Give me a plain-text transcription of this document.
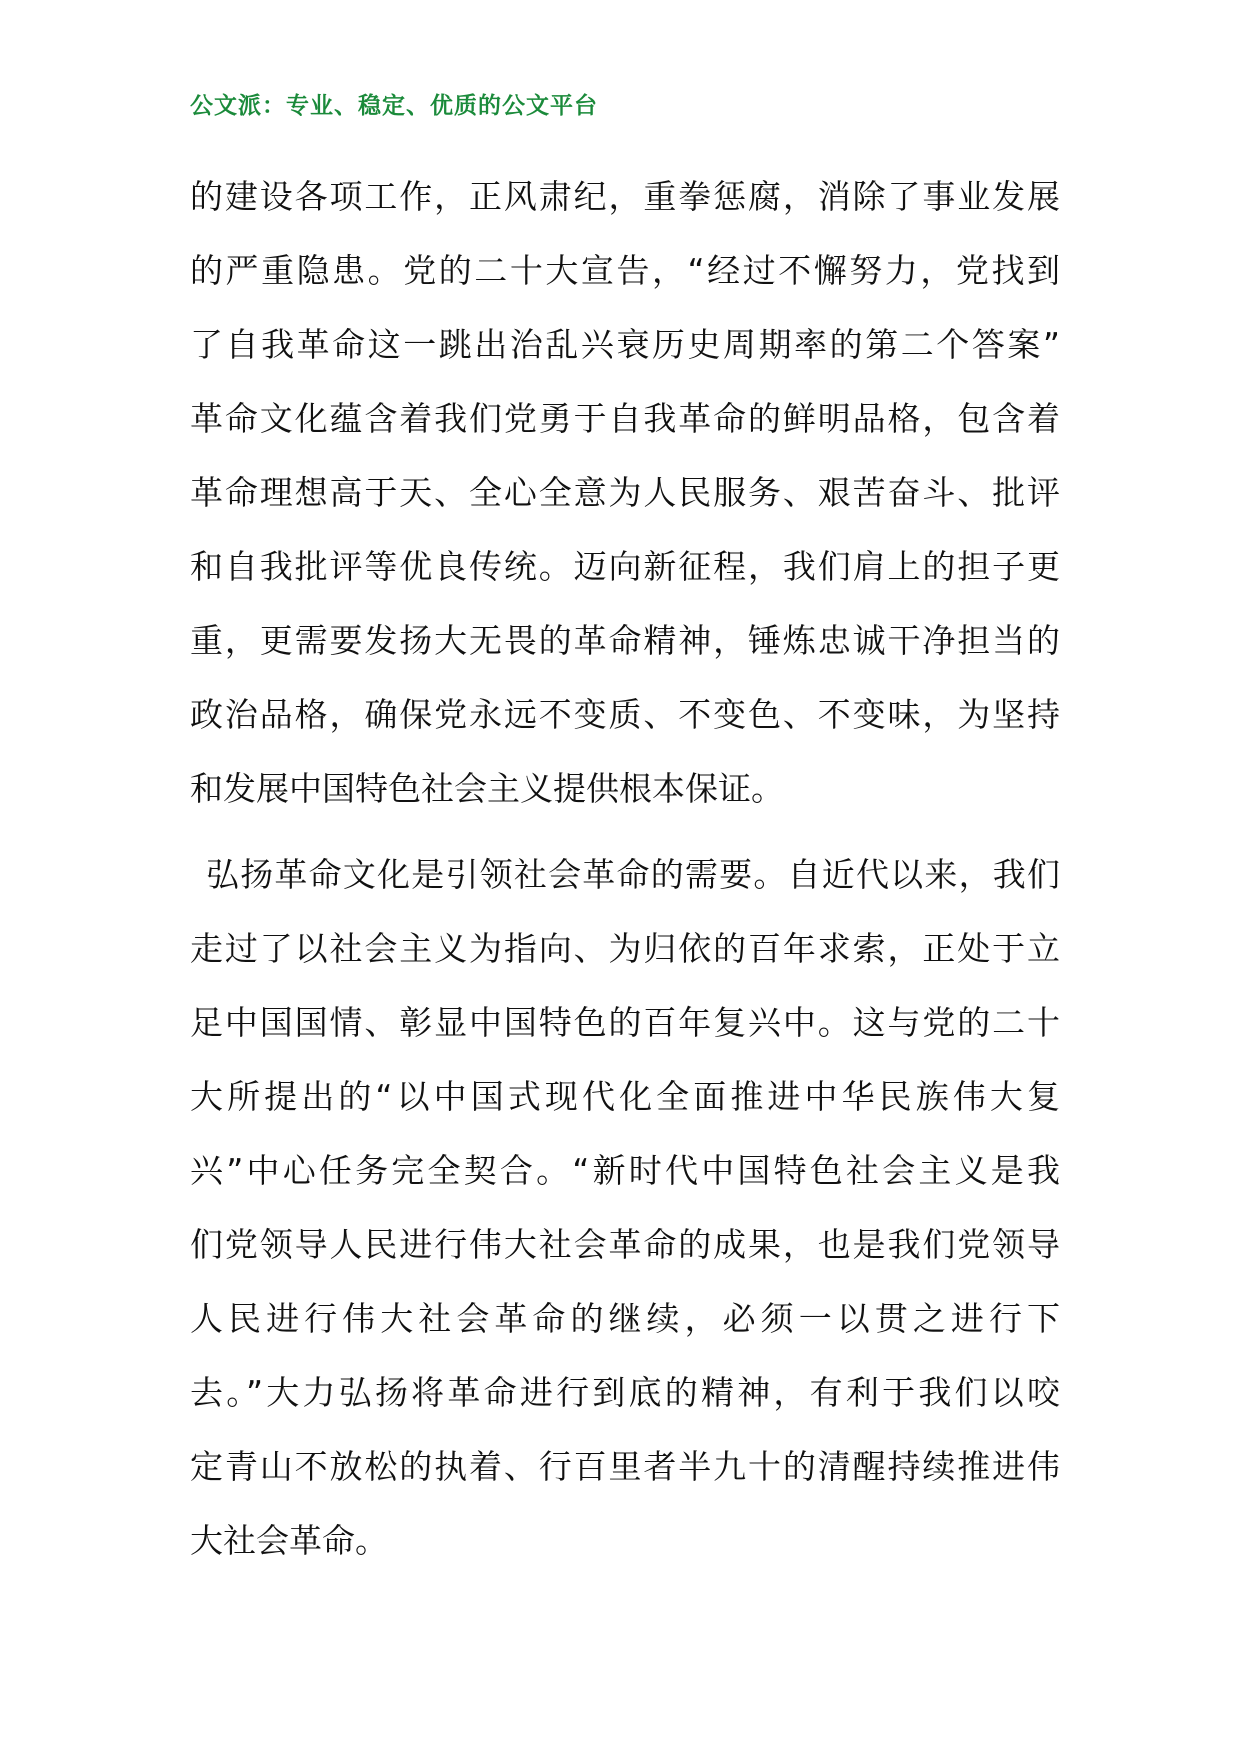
公文派：专业、稳定、优质的公文平台
的建设各项工作，正风肃纪，重拳惩腐，消除了事业发展
的严重隐患。党的二十大宣告，“经过不懈努力，党找到
了自我革命这一跳出治乱兴衰历史周期率的第二个答案”
革命文化蕴含着我们党勇于自我革命的鲜明品格，包含着
革命理想高于天、全心全意为人民服务、艰苦奋斗、批评
和自我批评等优良传统。迈向新征程，我们肩上的担子更
重，更需要发扬大无畏的革命精神，锤炼忠诚干净担当的
政治品格，确保党永远不变质、不变色、不变味，为坚持
和发展中国特色社会主义提供根本保证。
弘扬革命文化是引领社会革命的需要。自近代以来，我们
走过了以社会主义为指向、为归依的百年求索，正处于立
足中国国情、彰显中国特色的百年复兴中。这与党的二十
大所提出的“以中国式现代化全面推进中华民族伟大复
兴”中心任务完全契合。“新时代中国特色社会主义是我
们党领导人民进行伟大社会革命的成果，也是我们党领导
人民进行伟大社会革命的继续，必须一以贯之进行下
去。”大力弘扬将革命进行到底的精神，有利于我们以咬
定青山不放松的执着、行百里者半九十的清醒持续推进伟
大社会革命。
